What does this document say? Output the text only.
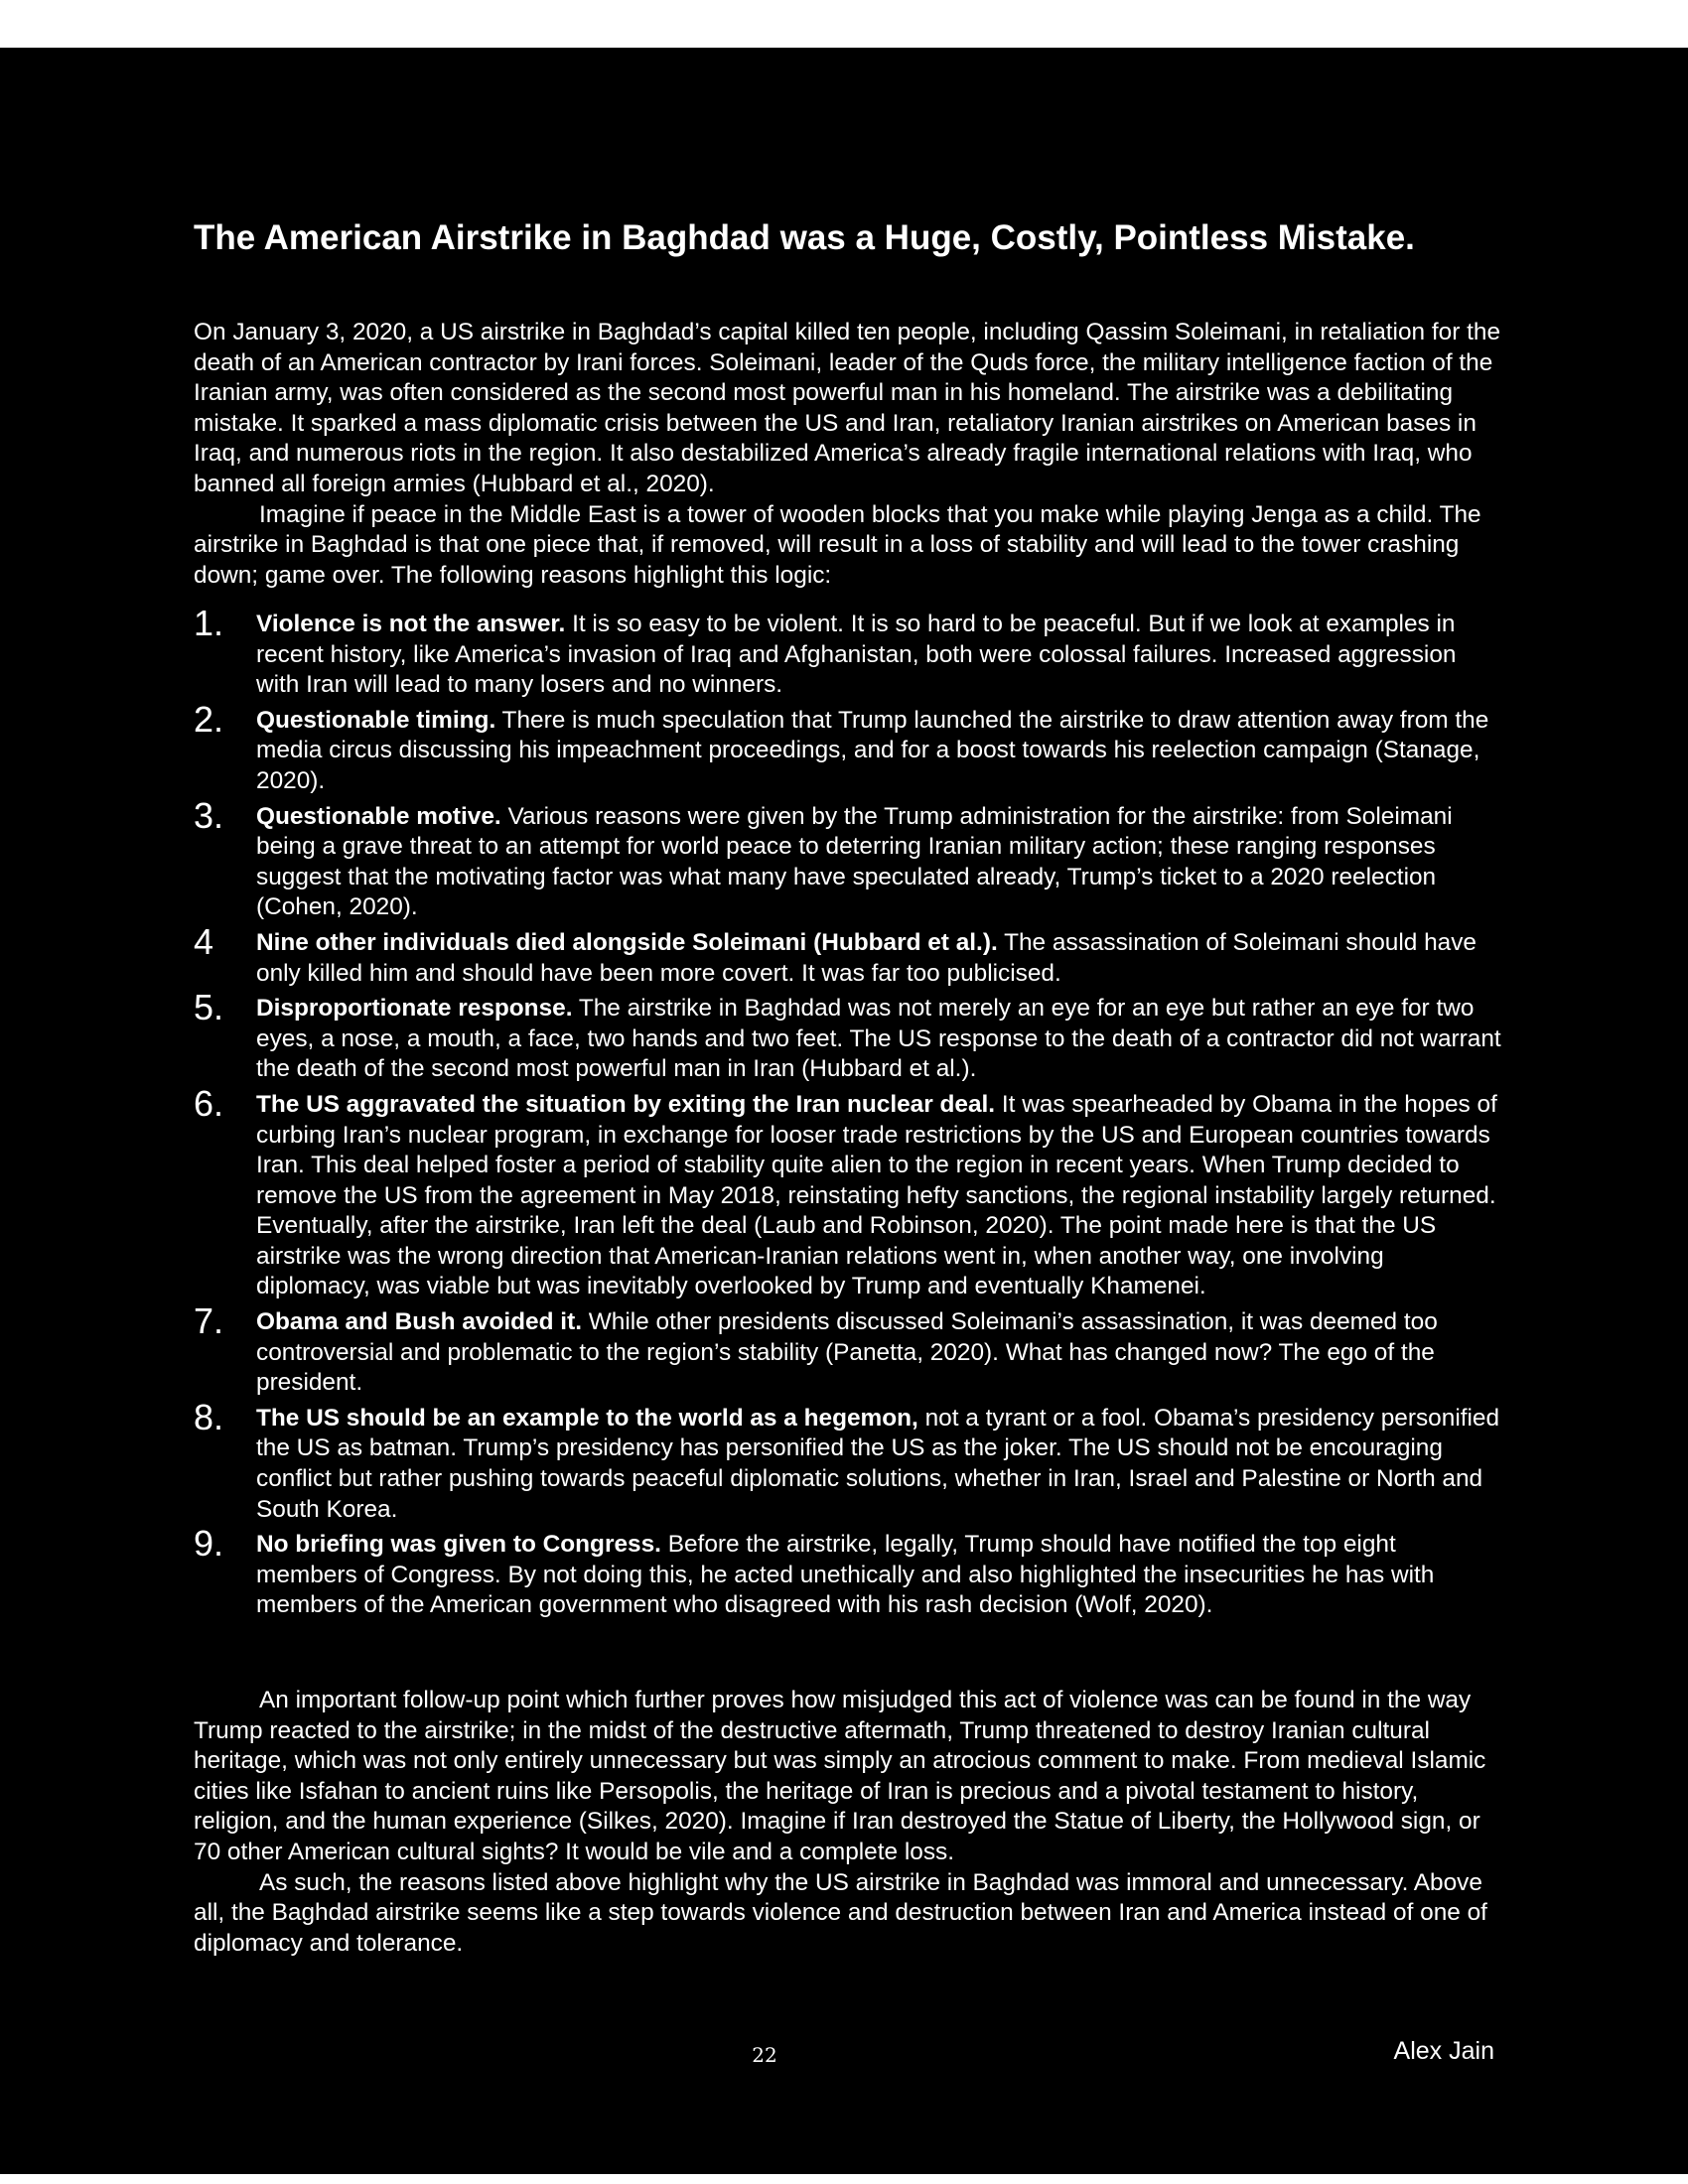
The American Airstrike in Baghdad was a Huge, Costly, Pointless Mistake.

On January 3, 2020, a US airstrike in Baghdad’s capital killed ten people, including Qassim Soleimani, in retaliation for the death of an American contractor by Irani forces. Soleimani, leader of the Quds force, the military intelligence faction of the Iranian army, was often considered as the second most powerful man in his homeland. The airstrike was a debilitating mistake. It sparked a mass diplomatic crisis between the US and Iran, retaliatory Iranian airstrikes on American bases in Iraq, and numerous riots in the region. It also destabilized America’s already fragile international relations with Iraq, who banned all foreign armies (Hubbard et al., 2020).

Imagine if peace in the Middle East is a tower of wooden blocks that you make while playing Jenga as a child. The airstrike in Baghdad is that one piece that, if removed, will result in a loss of stability and will lead to the tower crashing down; game over. The following reasons highlight this logic:

1.	Violence is not the answer. It is so easy to be violent. It is so hard to be peaceful. But if we look at examples in recent history, like America’s invasion of Iraq and Afghanistan, both were colossal failures. Increased aggression with Iran will lead to many losers and no winners.
2.	Questionable timing. There is much speculation that Trump launched the airstrike to draw attention away from the media circus discussing his impeachment proceedings, and for a boost towards his reelection campaign (Stanage, 2020).
3.	Questionable motive. Various reasons were given by the Trump administration for the airstrike: from Soleimani being a grave threat to an attempt for world peace to deterring Iranian military action; these ranging responses suggest that the motivating factor was what many have speculated already, Trump’s ticket to a 2020 reelection (Cohen, 2020).
4	Nine other individuals died alongside Soleimani (Hubbard et al.). The assassination of Soleimani should have only killed him and should have been more covert. It was far too publicised.
5.	Disproportionate response. The airstrike in Baghdad was not merely an eye for an eye but rather an eye for two eyes, a nose, a mouth, a face, two hands and two feet. The US response to the death of a contractor did not warrant the death of the second most powerful man in Iran (Hubbard et al.).
6.	The US aggravated the situation by exiting the Iran nuclear deal. It was spearheaded by Obama in the hopes of curbing Iran’s nuclear program, in exchange for looser trade restrictions by the US and European countries towards Iran. This deal helped foster a period of stability quite alien to the region in recent years. When Trump decided to remove the US from the agreement in May 2018, reinstating hefty sanctions, the regional instability largely returned. Eventually, after the airstrike, Iran left the deal (Laub and Robinson, 2020). The point made here is that the US airstrike was the wrong direction that American-Iranian relations went in, when another way, one involving diplomacy, was viable but was inevitably overlooked by Trump and eventually Khamenei.
7.	Obama and Bush avoided it. While other presidents discussed Soleimani’s assassination, it was deemed too controversial and problematic to the region’s stability (Panetta, 2020). What has changed now? The ego of the president.
8.	The US should be an example to the world as a hegemon, not a tyrant or a fool. Obama’s presidency personified the US as batman. Trump’s presidency has personified the US as the joker. The US should not be encouraging conflict but rather pushing towards peaceful diplomatic solutions, whether in Iran, Israel and Palestine or North and South Korea.
9.	No briefing was given to Congress. Before the airstrike, legally, Trump should have notified the top eight members of Congress. By not doing this, he acted unethically and also highlighted the insecurities he has with members of the American government who disagreed with his rash decision (Wolf, 2020).

An important follow-up point which further proves how misjudged this act of violence was can be found in the way Trump reacted to the airstrike; in the midst of the destructive aftermath, Trump threatened to destroy Iranian cultural heritage, which was not only entirely unnecessary but was simply an atrocious comment to make. From medieval Islamic cities like Isfahan to ancient ruins like Persopolis, the heritage of Iran is precious and a pivotal testament to history, religion, and the human experience (Silkes, 2020). Imagine if Iran destroyed the Statue of Liberty, the Hollywood sign, or 70 other American cultural sights? It would be vile and a complete loss.

As such, the reasons listed above highlight why the US airstrike in Baghdad was immoral and unnecessary. Above all, the Baghdad airstrike seems like a step towards violence and destruction between Iran and America instead of one of diplomacy and tolerance.

22	Alex Jain
